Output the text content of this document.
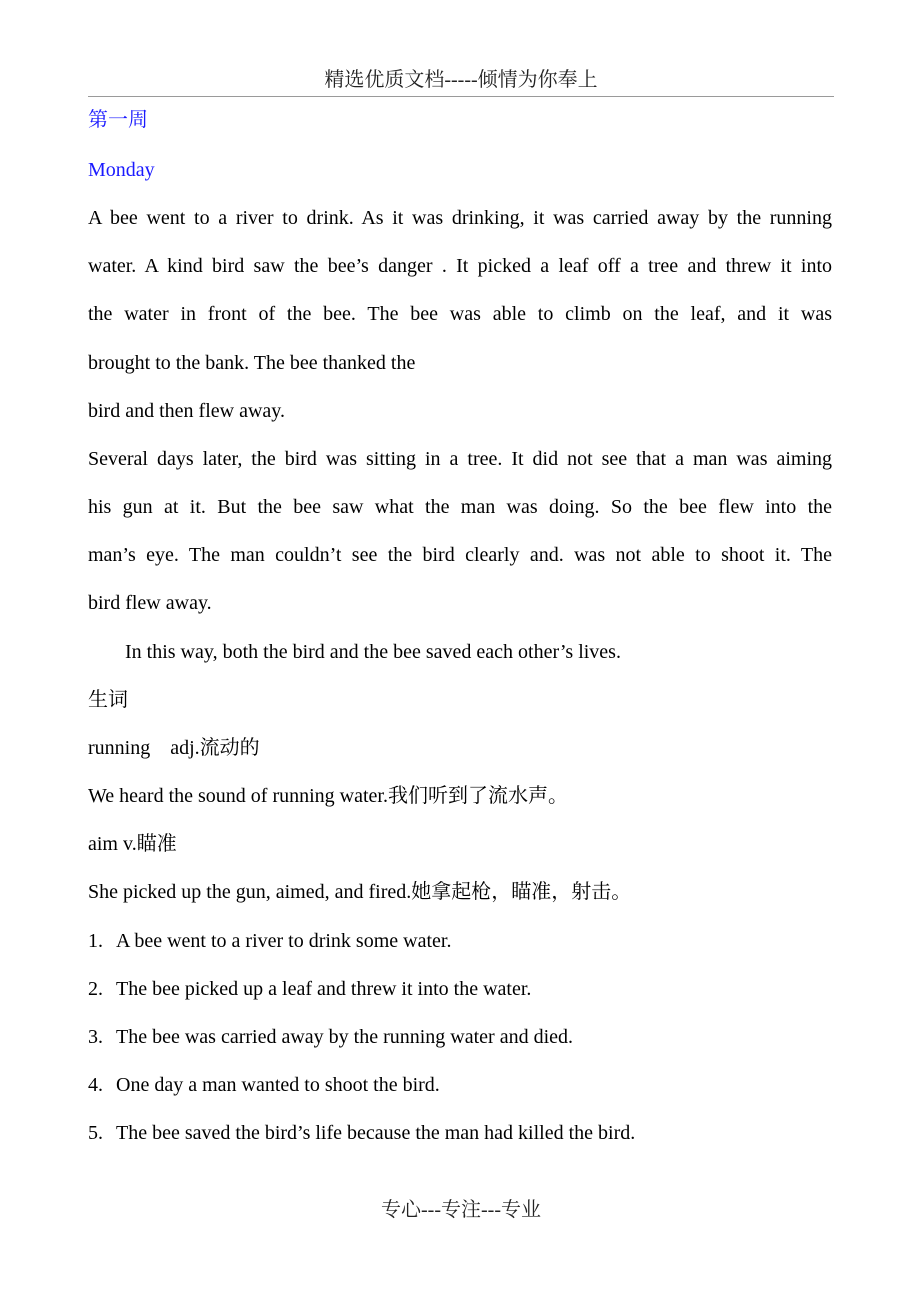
精选优质文档-----倾情为你奉上
第一周
Monday
A bee went to a river to drink. As it was drinking, it was carried away by the running
water. A kind bird saw the bee’s danger . It picked a leaf off a tree and threw it into
the water in front of the bee. The bee was able to climb on the leaf, and it was
brought to the bank. The bee thanked the
bird and then flew away.
Several days later, the bird was sitting in a tree. It did not see that a man was aiming
his gun at it. But the bee saw what the man was doing. So the bee flew into the
man’s eye. The man couldn’t see the bird clearly and. was not able to shoot it. The
bird flew away.
In this way, both the bird and the bee saved each other’s lives.
生词
running    adj.流动的
We heard the sound of running water.我们听到了流水声。
aim v.瞄准
She picked up the gun, aimed, and fired.她拿起枪，瞄准，射击。
1. A bee went to a river to drink some water.
2. The bee picked up a leaf and threw it into the water.
3. The bee was carried away by the running water and died.
4. One day a man wanted to shoot the bird.
5. The bee saved the bird’s life because the man had killed the bird.
专心---专注---专业
